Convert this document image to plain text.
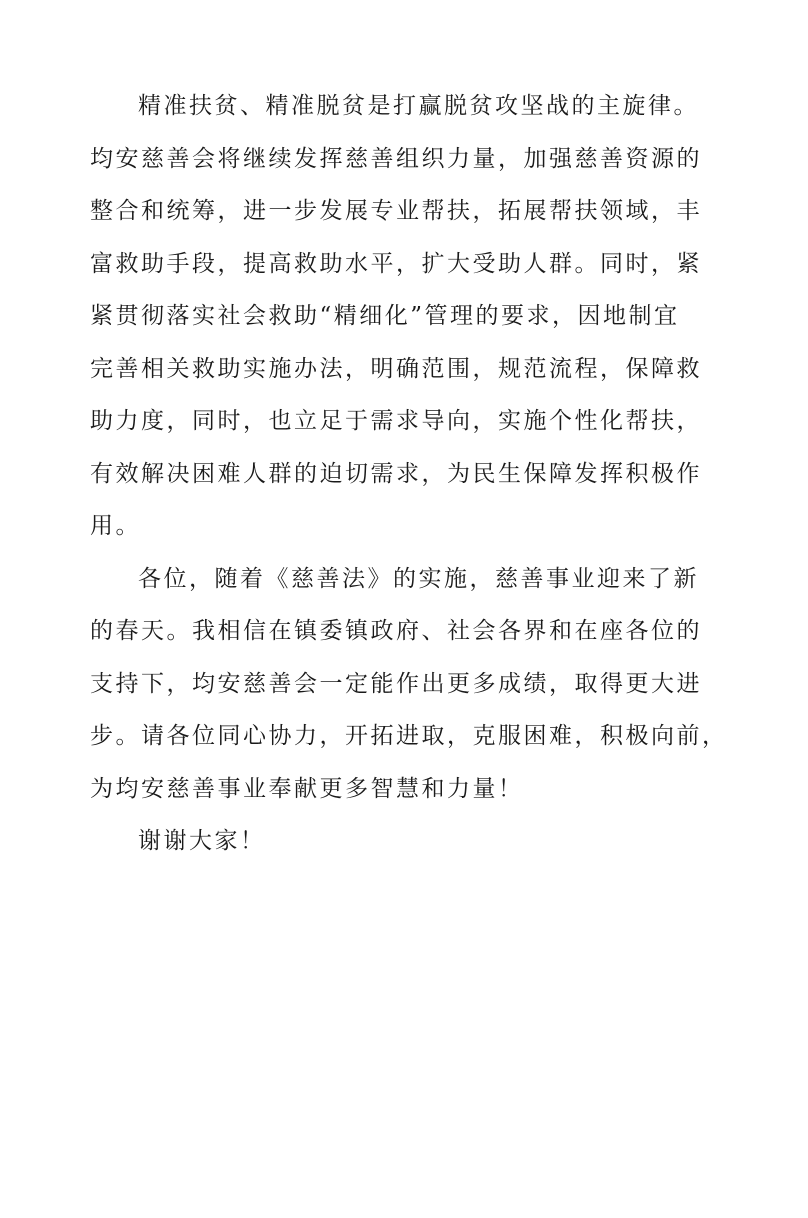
精准扶贫、精准脱贫是打赢脱贫攻坚战的主旋律。
均安慈善会将继续发挥慈善组织力量，加强慈善资源的
整合和统筹，进一步发展专业帮扶，拓展帮扶领域，丰
富救助手段，提高救助水平，扩大受助人群。同时，紧
紧贯彻落实社会救助“精细化”管理的要求，因地制宜
完善相关救助实施办法，明确范围，规范流程，保障救
助力度，同时，也立足于需求导向，实施个性化帮扶，
有效解决困难人群的迫切需求，为民生保障发挥积极作
用。
各位，随着《慈善法》的实施，慈善事业迎来了新
的春天。我相信在镇委镇政府、社会各界和在座各位的
支持下，均安慈善会一定能作出更多成绩，取得更大进
步。请各位同心协力，开拓进取，克服困难，积极向前，
为均安慈善事业奉献更多智慧和力量！
谢谢大家！
